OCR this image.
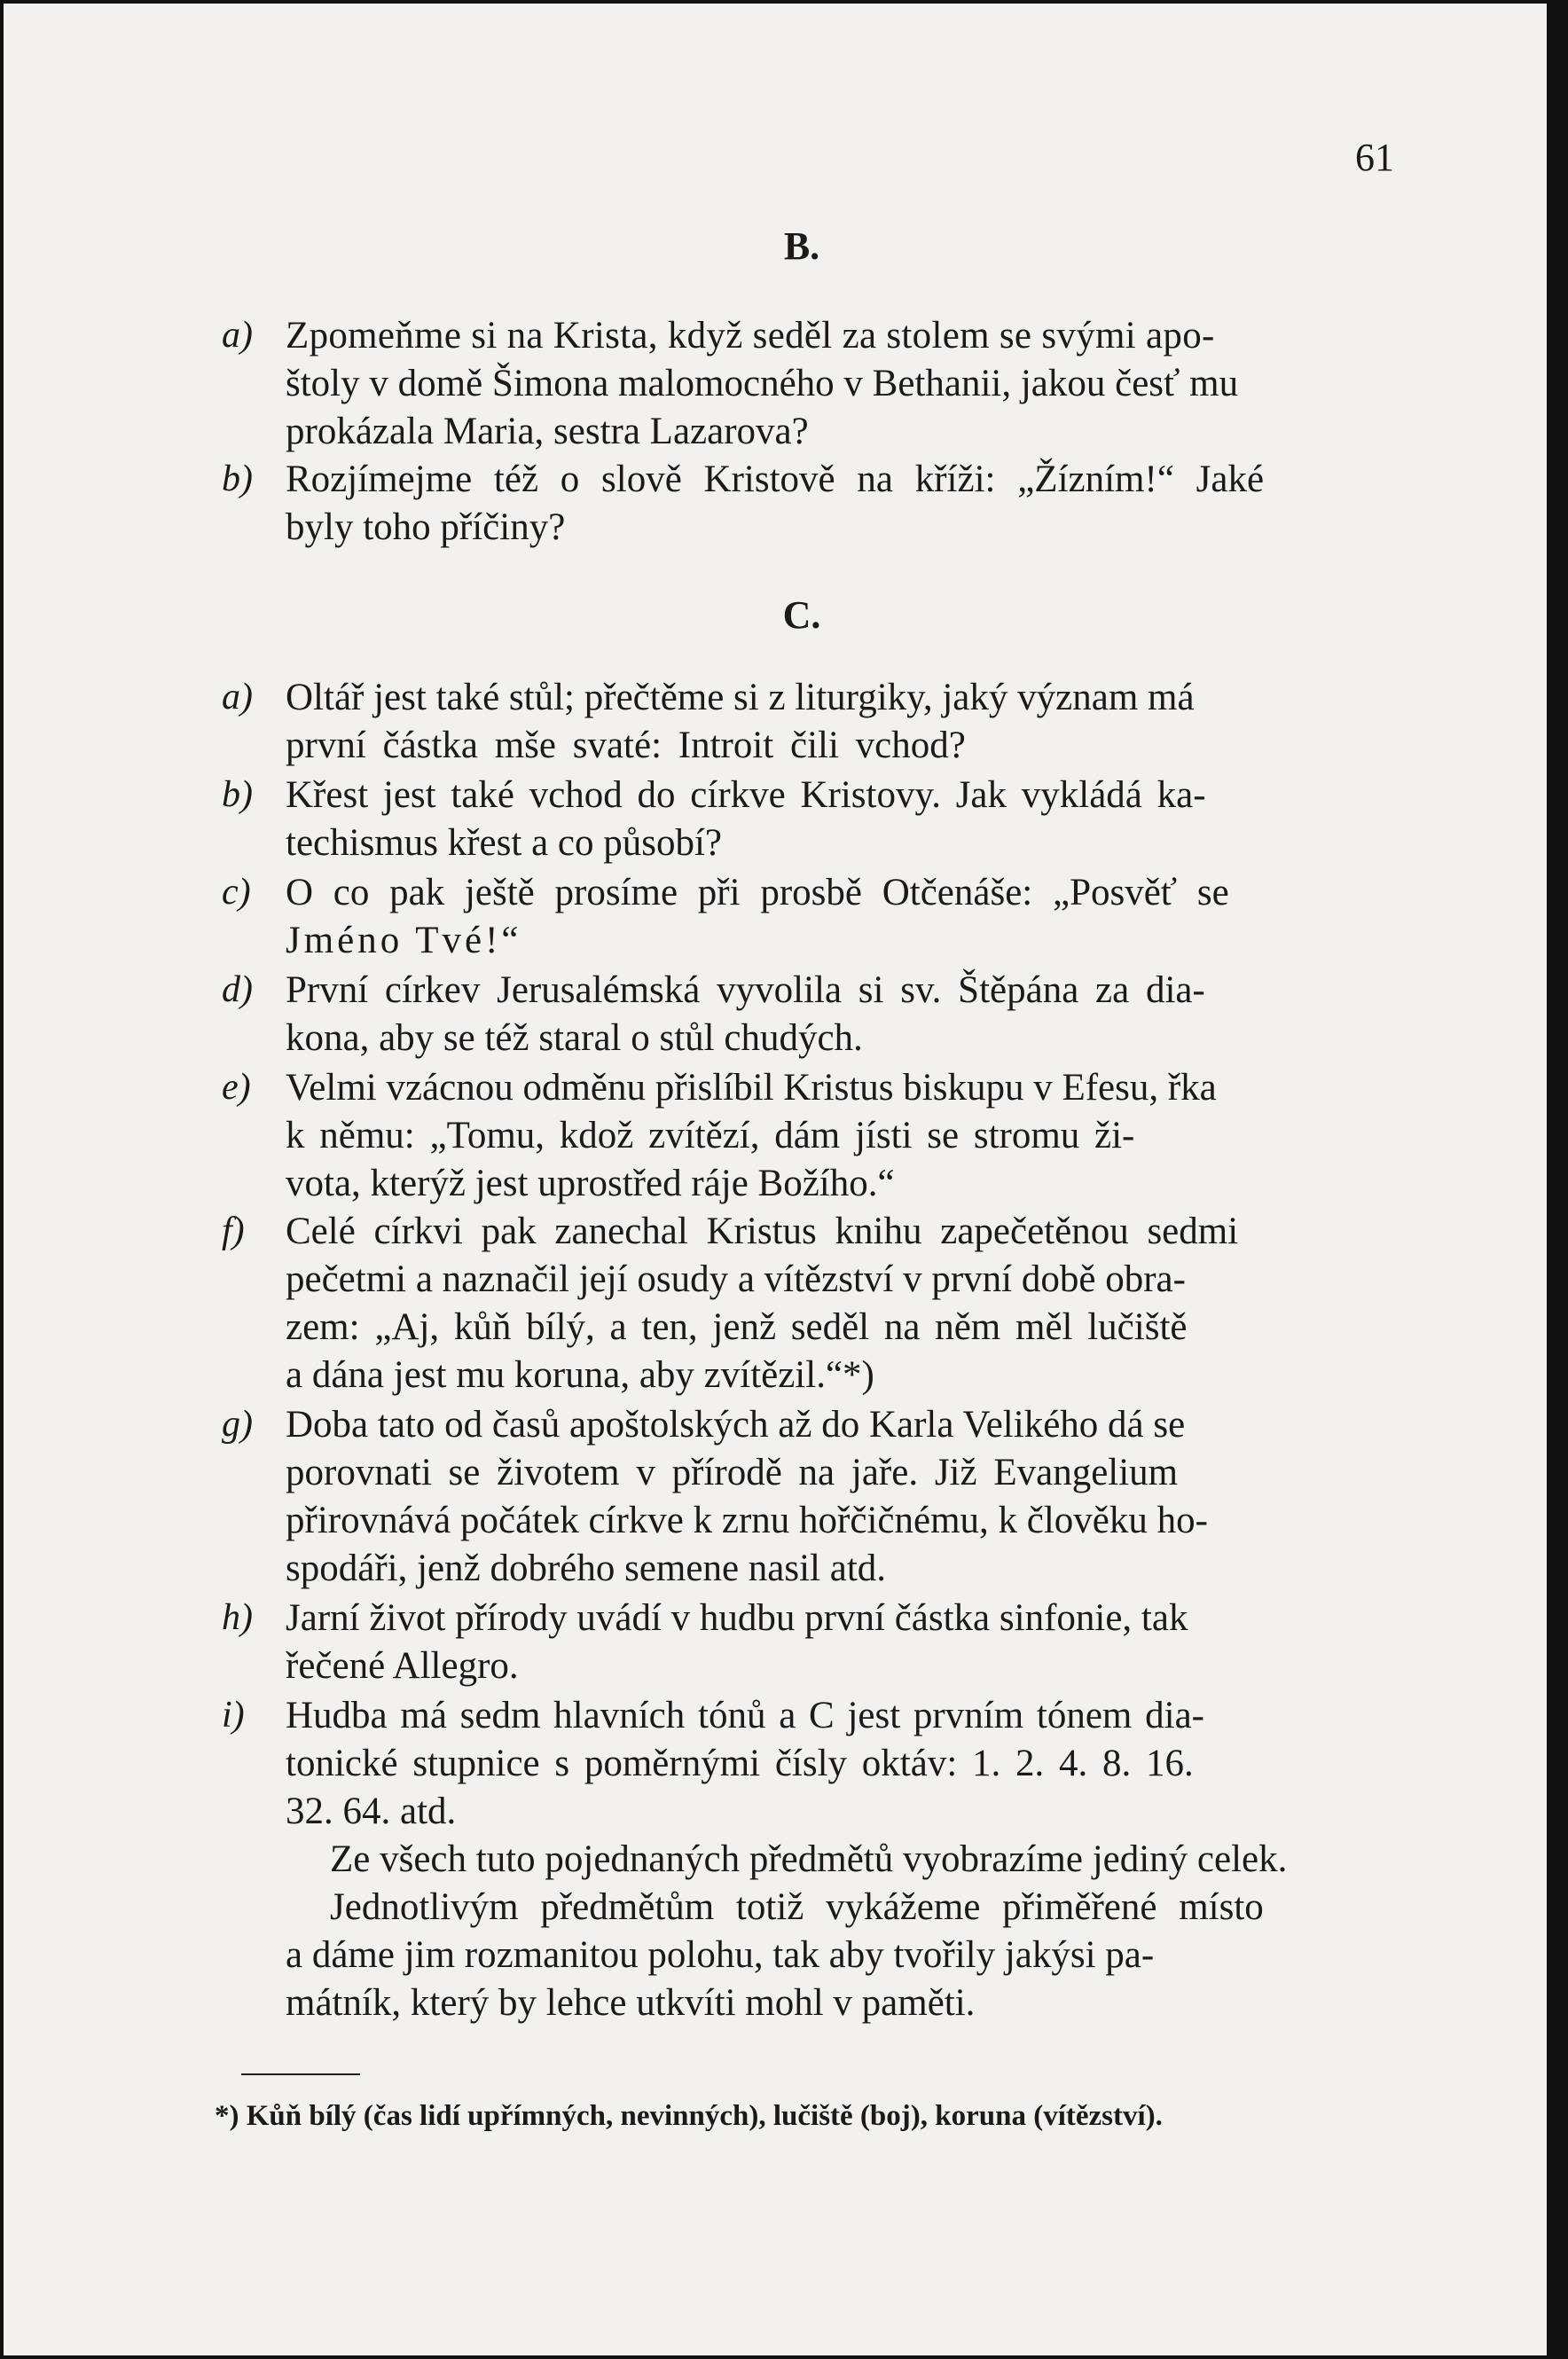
61
B.
a) Zpomeňme si na Krista, když seděl za stolem se svými apo-
štoly v domě Šimona malomocného v Bethanii, jakou česť mu
prokázala Maria, sestra Lazarova?
b) Rozjímejme též o slově Kristově na kříži: „Žízním!“ Jaké
byly toho příčiny?
C.
a) Oltář jest také stůl; přečtěme si z liturgiky, jaký význam má
první částka mše svaté: Introit čili vchod?
b) Křest jest také vchod do církve Kristovy. Jak vykládá ka-
techismus křest a co působí?
c) O co pak ještě prosíme při prosbě Otčenáše: „Posvěť se
Jméno Tvé!“
d) První církev Jerusalémská vyvolila si sv. Štěpána za dia-
kona, aby se též staral o stůl chudých.
e) Velmi vzácnou odměnu přislíbil Kristus biskupu v Efesu, řka
k němu: „Tomu, kdož zvítězí, dám jísti se stromu ži-
vota, kterýž jest uprostřed ráje Božího.“
f) Celé církvi pak zanechal Kristus knihu zapečetěnou sedmi
pečetmi a naznačil její osudy a vítězství v první době obra-
zem: „Aj, kůň bílý, a ten, jenž seděl na něm měl lučiště
a dána jest mu koruna, aby zvítězil.“*)
g) Doba tato od časů apoštolských až do Karla Velikého dá se
porovnati se životem v přírodě na jaře. Již Evangelium
přirovnává počátek církve k zrnu hořčičnému, k člověku ho-
spodáři, jenž dobrého semene nasil atd.
h) Jarní život přírody uvádí v hudbu první částka sinfonie, tak
řečené Allegro.
i) Hudba má sedm hlavních tónů a C jest prvním tónem dia-
tonické stupnice s poměrnými čísly oktáv: 1. 2. 4. 8. 16.
32. 64. atd.
Ze všech tuto pojednaných předmětů vyobrazíme jediný celek.
Jednotlivým předmětům totiž vykážeme přiměřené místo
a dáme jim rozmanitou polohu, tak aby tvořily jakýsi pa-
mátník, který by lehce utkvíti mohl v paměti.
*) Kůň bílý (čas lidí upřímných, nevinných), lučiště (boj), koruna (vítězství).
